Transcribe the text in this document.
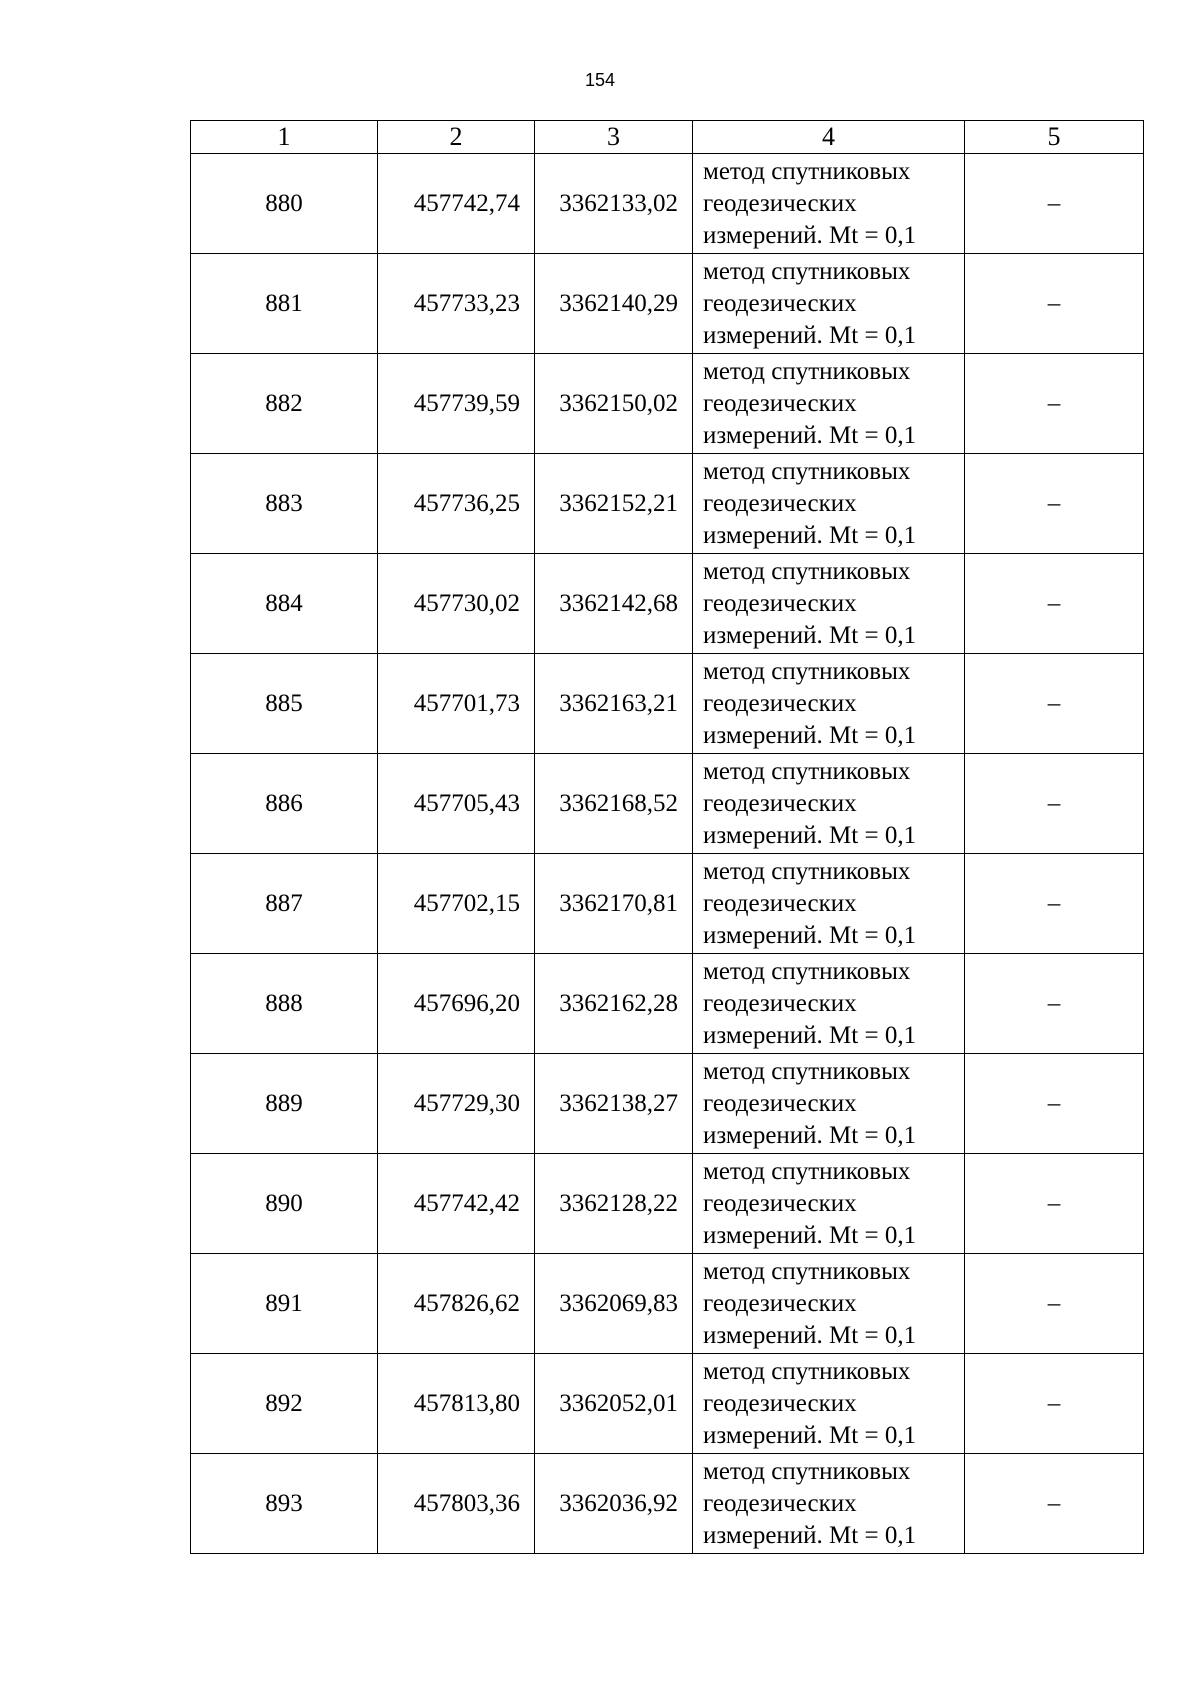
154
1	2	3	4	5
880	457742,74	3362133,02	метод спутниковых геодезических измерений. Mt = 0,1	–
881	457733,23	3362140,29	метод спутниковых геодезических измерений. Mt = 0,1	–
882	457739,59	3362150,02	метод спутниковых геодезических измерений. Mt = 0,1	–
883	457736,25	3362152,21	метод спутниковых геодезических измерений. Mt = 0,1	–
884	457730,02	3362142,68	метод спутниковых геодезических измерений. Mt = 0,1	–
885	457701,73	3362163,21	метод спутниковых геодезических измерений. Mt = 0,1	–
886	457705,43	3362168,52	метод спутниковых геодезических измерений. Mt = 0,1	–
887	457702,15	3362170,81	метод спутниковых геодезических измерений. Mt = 0,1	–
888	457696,20	3362162,28	метод спутниковых геодезических измерений. Mt = 0,1	–
889	457729,30	3362138,27	метод спутниковых геодезических измерений. Mt = 0,1	–
890	457742,42	3362128,22	метод спутниковых геодезических измерений. Mt = 0,1	–
891	457826,62	3362069,83	метод спутниковых геодезических измерений. Mt = 0,1	–
892	457813,80	3362052,01	метод спутниковых геодезических измерений. Mt = 0,1	–
893	457803,36	3362036,92	метод спутниковых геодезических измерений. Mt = 0,1	–
